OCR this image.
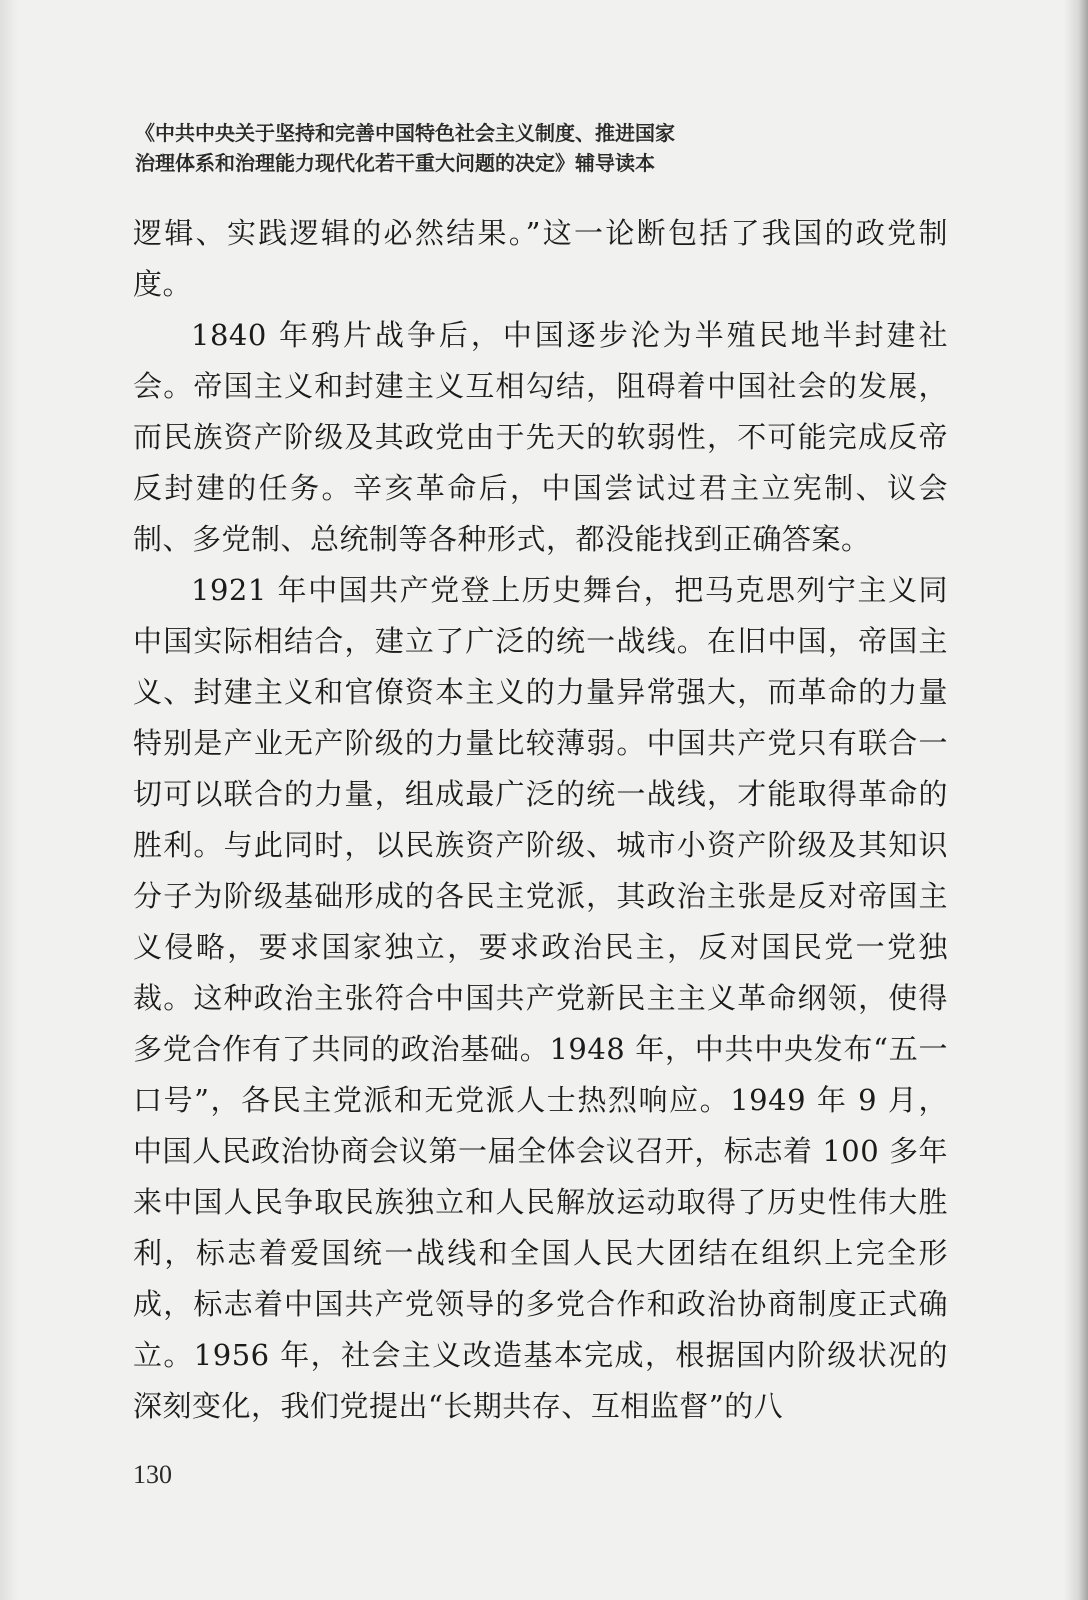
《中共中央关于坚持和完善中国特色社会主义制度、推进国家
治理体系和治理能力现代化若干重大问题的决定》辅导读本

逻辑、实践逻辑的必然结果。”这一论断包括了我国的政党制度。

1840 年鸦片战争后，中国逐步沦为半殖民地半封建社会。帝国主义和封建主义互相勾结，阻碍着中国社会的发展，而民族资产阶级及其政党由于先天的软弱性，不可能完成反帝反封建的任务。辛亥革命后，中国尝试过君主立宪制、议会制、多党制、总统制等各种形式，都没能找到正确答案。

1921 年中国共产党登上历史舞台，把马克思列宁主义同中国实际相结合，建立了广泛的统一战线。在旧中国，帝国主义、封建主义和官僚资本主义的力量异常强大，而革命的力量特别是产业无产阶级的力量比较薄弱。中国共产党只有联合一切可以联合的力量，组成最广泛的统一战线，才能取得革命的胜利。与此同时，以民族资产阶级、城市小资产阶级及其知识分子为阶级基础形成的各民主党派，其政治主张是反对帝国主义侵略，要求国家独立，要求政治民主，反对国民党一党独裁。这种政治主张符合中国共产党新民主主义革命纲领，使得多党合作有了共同的政治基础。1948 年，中共中央发布“五一口号”，各民主党派和无党派人士热烈响应。1949 年 9 月，中国人民政治协商会议第一届全体会议召开，标志着 100 多年来中国人民争取民族独立和人民解放运动取得了历史性伟大胜利，标志着爱国统一战线和全国人民大团结在组织上完全形成，标志着中国共产党领导的多党合作和政治协商制度正式确立。1956 年，社会主义改造基本完成，根据国内阶级状况的深刻变化，我们党提出“长期共存、互相监督”的八

130
